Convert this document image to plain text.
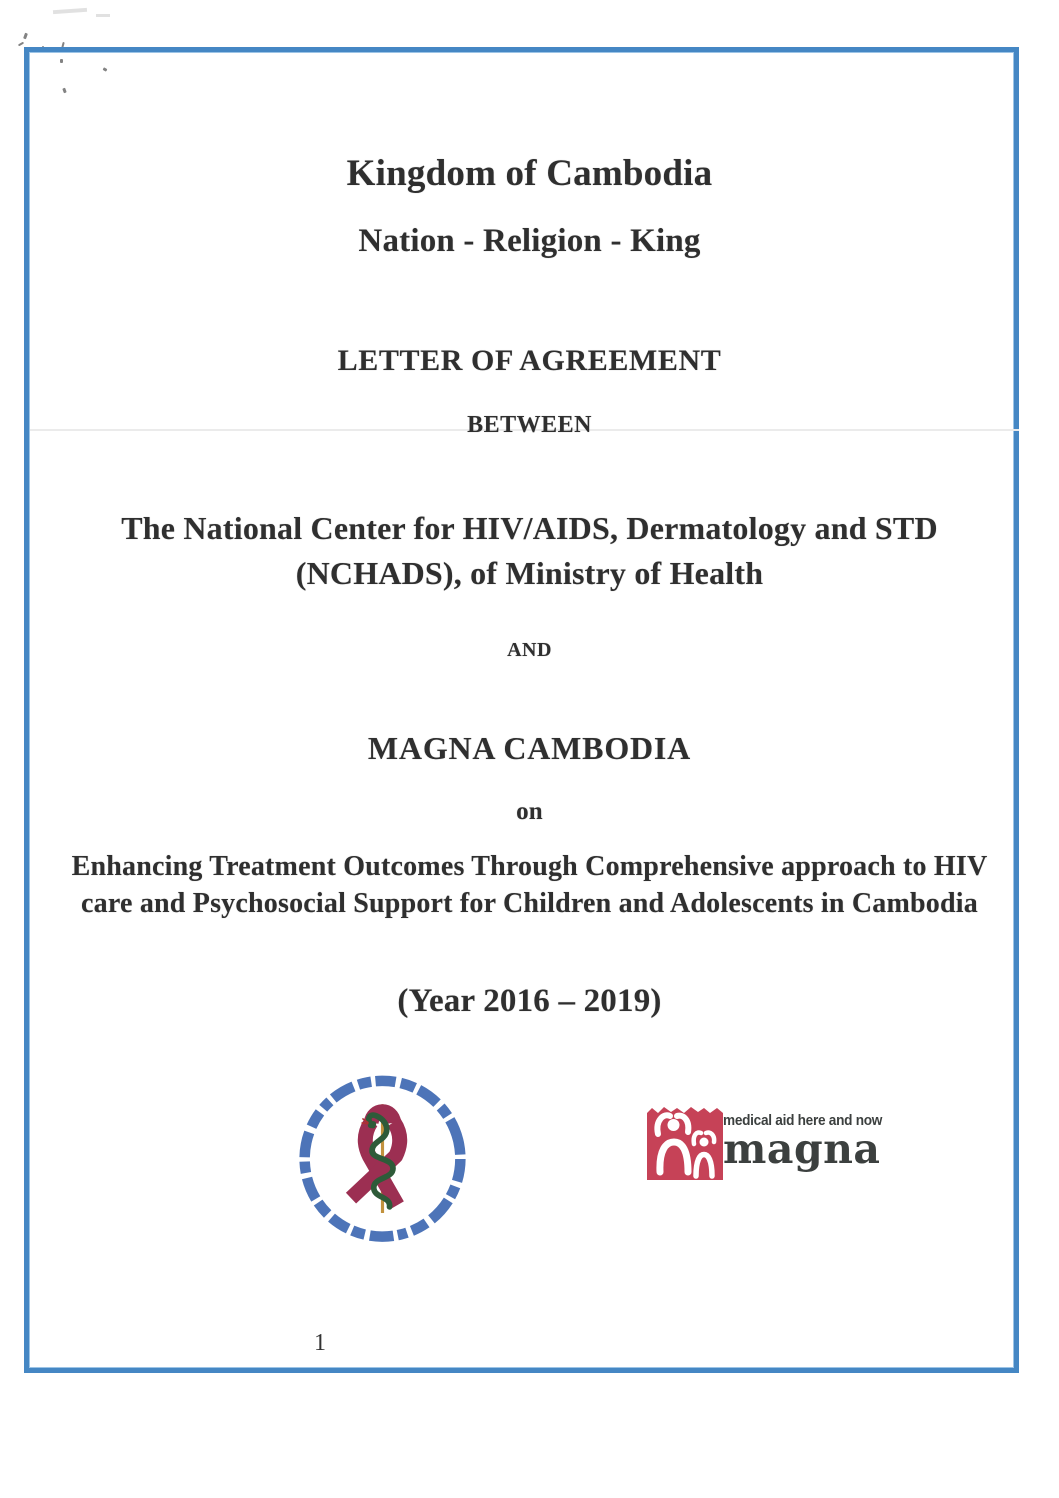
Kingdom of Cambodia
Nation - Religion - King
LETTER OF AGREEMENT
BETWEEN
The National Center for HIV/AIDS, Dermatology and STD
(NCHADS), of Ministry of Health
AND
MAGNA CAMBODIA
on
Enhancing Treatment Outcomes Through Comprehensive approach to HIV
care and Psychosocial Support for Children and Adolescents in Cambodia
(Year 2016 – 2019)
medical aid here and now
magna
1
